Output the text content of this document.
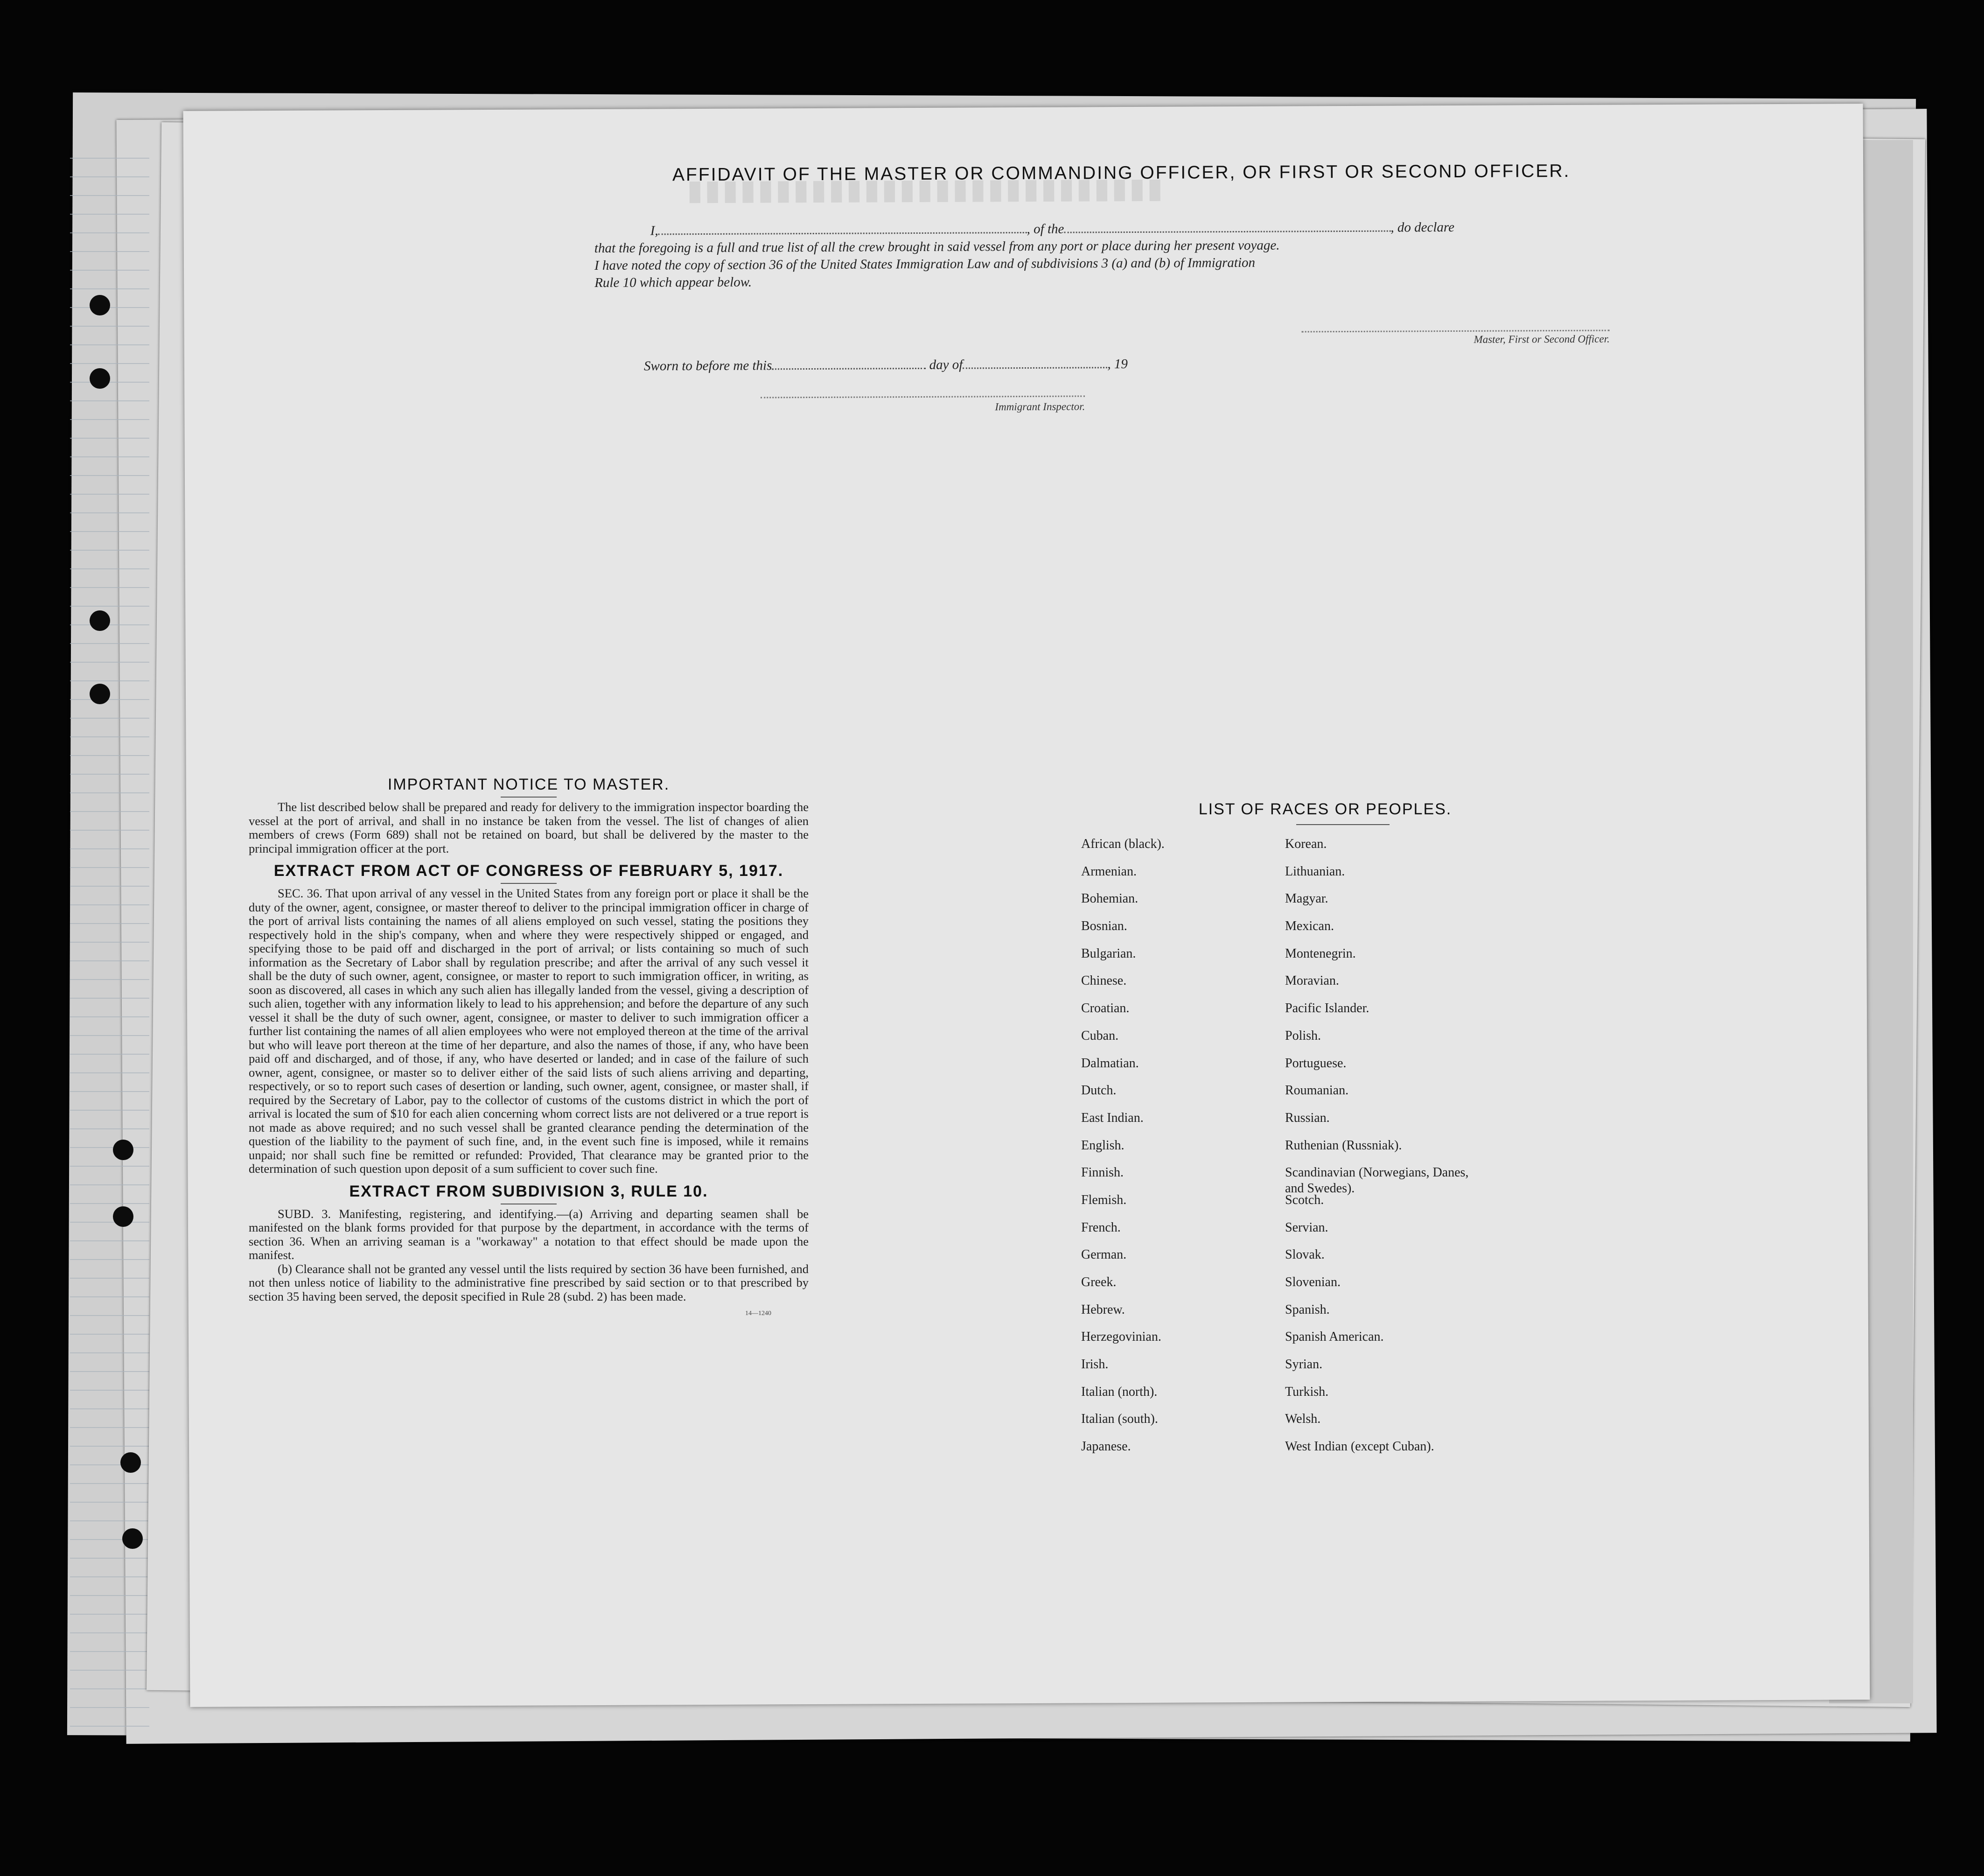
▮▮▮▮▮▮▮▮▮▮▮▮▮▮▮▮▮▮▮▮▮▮▮▮▮▮▮
AFFIDAVIT OF THE MASTER OR COMMANDING OFFICER, OR FIRST OR SECOND OFFICER.
I,	, of the	, do declare
that the foregoing is a full and true list of all the crew brought in said vessel from any port or place during her present voyage.
I have noted the copy of section 36 of the United States Immigration Law and of subdivisions 3 (a) and (b) of Immigration
Rule 10 which appear below.
Master, First or Second Officer.
Sworn to before me this	day of	, 19
Immigrant Inspector.

IMPORTANT NOTICE TO MASTER.

The list described below shall be prepared and ready for delivery to the immigration inspector boarding the vessel at the port of arrival, and shall in no instance be taken from the vessel. The list of changes of alien members of crews (Form 689) shall not be retained on board, but shall be delivered by the master to the principal immigration officer at the port.

EXTRACT FROM ACT OF CONGRESS OF FEBRUARY 5, 1917.

SEC. 36. That upon arrival of any vessel in the United States from any foreign port or place it shall be the duty of the owner, agent, consignee, or master thereof to deliver to the principal immigration officer in charge of the port of arrival lists containing the names of all aliens employed on such vessel, stating the positions they respectively hold in the ship's company, when and where they were respectively shipped or engaged, and specifying those to be paid off and discharged in the port of arrival; or lists containing so much of such information as the Secretary of Labor shall by regulation prescribe; and after the arrival of any such vessel it shall be the duty of such owner, agent, consignee, or master to report to such immigration officer, in writing, as soon as discovered, all cases in which any such alien has illegally landed from the vessel, giving a description of such alien, together with any information likely to lead to his apprehension; and before the departure of any such vessel it shall be the duty of such owner, agent, consignee, or master to deliver to such immigration officer a further list containing the names of all alien employees who were not employed thereon at the time of the arrival but who will leave port thereon at the time of her departure, and also the names of those, if any, who have been paid off and discharged, and of those, if any, who have deserted or landed; and in case of the failure of such owner, agent, consignee, or master so to deliver either of the said lists of such aliens arriving and departing, respectively, or so to report such cases of desertion or landing, such owner, agent, consignee, or master shall, if required by the Secretary of Labor, pay to the collector of customs of the customs district in which the port of arrival is located the sum of $10 for each alien concerning whom correct lists are not delivered or a true report is not made as above required; and no such vessel shall be granted clearance pending the determination of the question of the liability to the payment of such fine, and, in the event such fine is imposed, while it remains unpaid; nor shall such fine be remitted or refunded: Provided, That clearance may be granted prior to the determination of such question upon deposit of a sum sufficient to cover such fine.

EXTRACT FROM SUBDIVISION 3, RULE 10.

SUBD. 3. Manifesting, registering, and identifying.—(a) Arriving and departing seamen shall be manifested on the blank forms provided for that purpose by the department, in accordance with the terms of section 36. When an arriving seaman is a "workaway" a notation to that effect should be made upon the manifest.

(b) Clearance shall not be granted any vessel until the lists required by section 36 have been furnished, and not then unless notice of liability to the administrative fine prescribed by said section or to that prescribed by section 35 having been served, the deposit specified in Rule 28 (subd. 2) has been made.

14—1240
LIST OF RACES OR PEOPLES.
African (black).
Armenian.
Bohemian.
Bosnian.
Bulgarian.
Chinese.
Croatian.
Cuban.
Dalmatian.
Dutch.
East Indian.
English.
Finnish.
Flemish.
French.
German.
Greek.
Hebrew.
Herzegovinian.
Irish.
Italian (north).
Italian (south).
Japanese.
Korean.
Lithuanian.
Magyar.
Mexican.
Montenegrin.
Moravian.
Pacific Islander.
Polish.
Portuguese.
Roumanian.
Russian.
Ruthenian (Russniak).
Scandinavian (Norwegians, Danes, and Swedes).
Scotch.
Servian.
Slovak.
Slovenian.
Spanish.
Spanish American.
Syrian.
Turkish.
Welsh.
West Indian (except Cuban).
